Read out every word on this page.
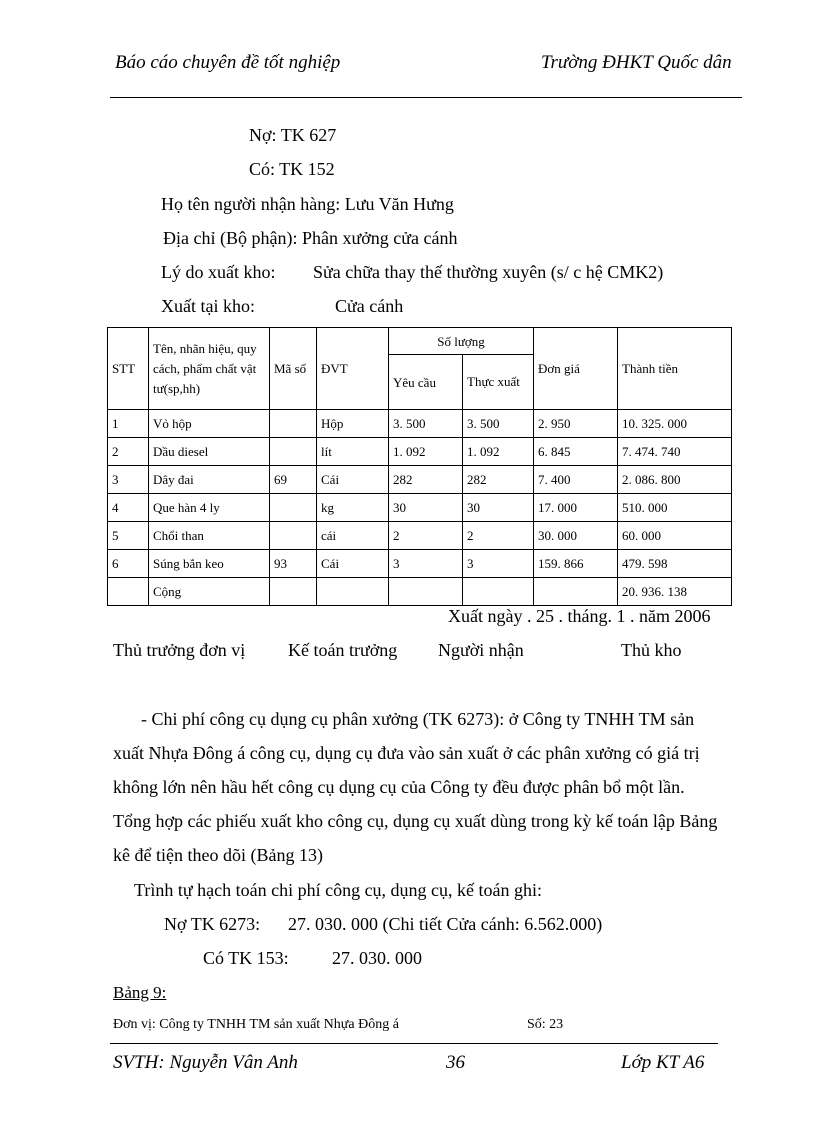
Báo cáo chuyên đề tốt nghiệp	Trường ĐHKT Quốc dân
Nợ: TK 627
Có: TK 152
Họ tên người nhận hàng: Lưu Văn Hưng
Địa chỉ (Bộ phận): Phân xưởng cửa cánh
Lý do xuất kho: Sửa chữa thay thế thường xuyên (s/ c hệ CMK2)
Xuất tại kho:	Cửa cánh
STT	Tên, nhãn hiệu, quy cách, phẩm chất vật tư(sp,hh)	Mã số	ĐVT	Số lượng		Đơn giá	Thành tiền
				Yêu cầu	Thực xuất		
1	Vỏ hộp		Hộp	3. 500	3. 500	2. 950	10. 325. 000
2	Dầu diesel		lít	1. 092	1. 092	6. 845	7. 474. 740
3	Dây đai	69	Cái	282	282	7. 400	2. 086. 800
4	Que hàn 4 ly		kg	30	30	17. 000	510. 000
5	Chổi than		cái	2	2	30. 000	60. 000
6	Súng bắn keo	93	Cái	3	3	159. 866	479. 598
	Cộng						20. 936. 138
Xuất ngày . 25 . tháng. 1 . năm 2006
Thủ trưởng đơn vị Kế toán trưởng Người nhận	Thủ kho
- Chi phí công cụ dụng cụ phân xưởng (TK 6273): ở Công ty TNHH TM sản
xuất Nhựa Đông á công cụ, dụng cụ đưa vào sản xuất ở các phân xưởng có giá trị
không lớn nên hầu hết công cụ dụng cụ của Công ty đều được phân bổ một lần.
Tổng hợp các phiếu xuất kho công cụ, dụng cụ xuất dùng trong kỳ kế toán lập Bảng
kê để tiện theo dõi (Bảng 13)
Trình tự hạch toán chi phí công cụ, dụng cụ, kế toán ghi:
Nợ TK 6273: 27. 030. 000 (Chi tiết Cửa cánh: 6.562.000)
Có TK 153: 27. 030. 000
Bảng 9:
Đơn vị: Công ty TNHH TM sản xuất Nhựa Đông á	Số: 23
SVTH: Nguyễn Vân Anh	36	Lớp KT A6
